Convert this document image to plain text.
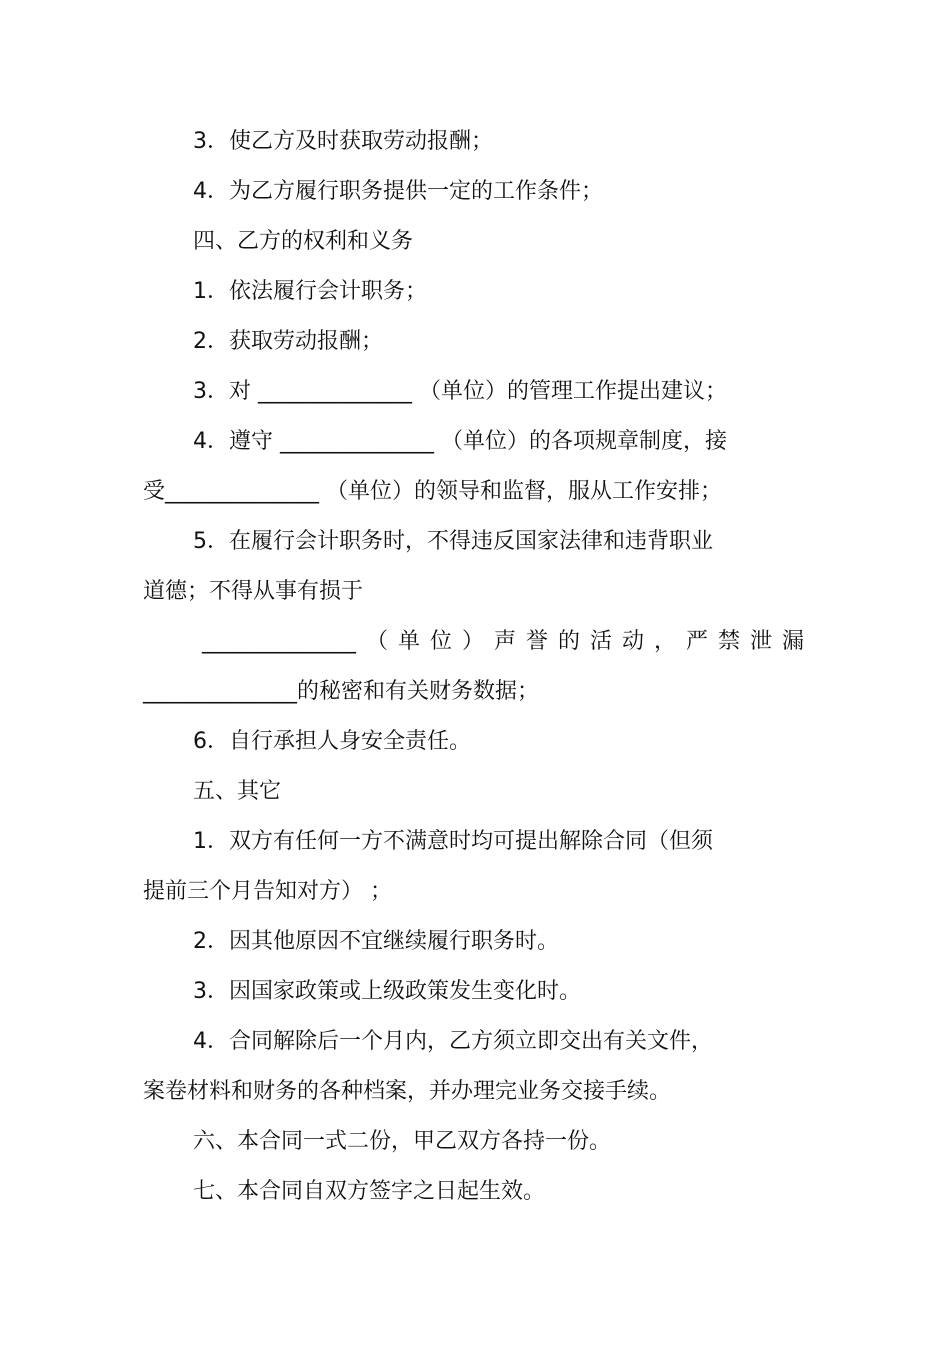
3．使乙方及时获取劳动报酬；
4．为乙方履行职务提供一定的工作条件；
四、乙方的权利和义务
1．依法履行会计职务；
2．获取劳动报酬；
3．对 ______________ （单位）的管理工作提出建议；
4．遵守 ______________ （单位）的各项规章制度，接
受______________ （单位）的领导和监督，服从工作安排；
5．在履行会计职务时，不得违反国家法律和违背职业
道德；不得从事有损于
______________ （ 单 位 ） 声 誉 的 活 动 ， 严 禁 泄 漏
______________的秘密和有关财务数据；
6．自行承担人身安全责任。
五、其它
1．双方有任何一方不满意时均可提出解除合同（但须
提前三个月告知对方） ；
2．因其他原因不宜继续履行职务时。
3．因国家政策或上级政策发生变化时。
4．合同解除后一个月内，乙方须立即交出有关文件，
案卷材料和财务的各种档案，并办理完业务交接手续。
六、本合同一式二份，甲乙双方各持一份。
七、本合同自双方签字之日起生效。
